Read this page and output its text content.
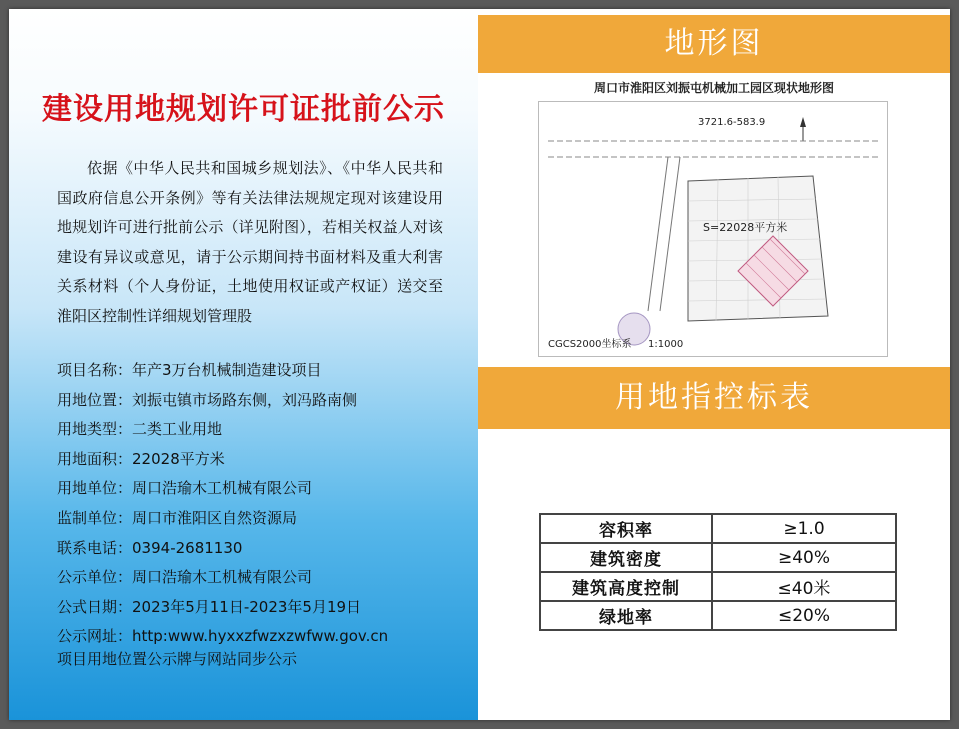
建设用地规划许可证批前公示
依据《中华人民共和国城乡规划法》、《中华人民共和国政府信息公开条例》等有关法律法规规定现对该建设用地规划许可进行批前公示（详见附图），若相关权益人对该建设有异议或意见，请于公示期间持书面材料及重大利害关系材料（个人身份证，土地使用权证或产权证）送交至淮阳区控制性详细规划管理股
项目名称：年产3万台机械制造建设项目
用地位置：刘振屯镇市场路东侧，刘冯路南侧
用地类型：二类工业用地
用地面积：22028平方米
用地单位：周口浩瑜木工机械有限公司
监制单位：周口市淮阳区自然资源局
联系电话：0394-2681130
公示单位：周口浩瑜木工机械有限公司
公式日期：2023年5月11日-2023年5月19日
公示网址：http:www.hyxxzfwzxzwfww.gov.cn
项目用地位置公示牌与网站同步公示
地形图
周口市淮阳区刘振屯机械加工园区现状地形图
3721.6-583.9
S=22028平方米
CGCS2000坐标系 1:1000
用地指控标表
容积率	≥1.0
建筑密度	≥40%
建筑高度控制	≤40米
绿地率	≤20%
